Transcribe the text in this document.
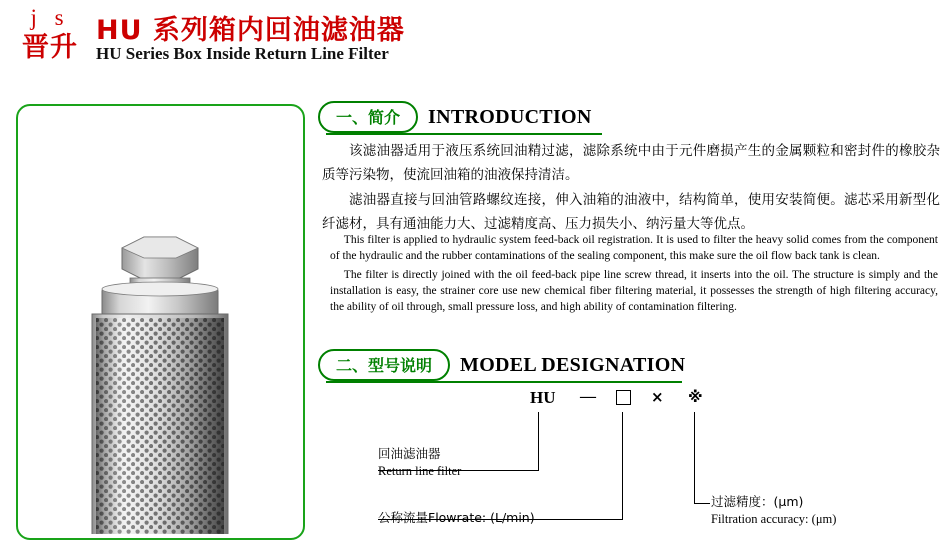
j s
晋升
HU 系列箱内回油滤油器
HU Series Box Inside Return Line Filter
一、简介 INTRODUCTION

该滤油器适用于液压系统回油精过滤，滤除系统中由于元件磨损产生的金属颗粒和密封件的橡胶杂质等污染物，使流回油箱的油液保持清洁。

滤油器直接与回油管路螺纹连接，伸入油箱的油液中，结构简单，使用安装简便。滤芯采用新型化纤滤材，具有通油能力大、过滤精度高、压力损失小、纳污量大等优点。

This filter is applied to hydraulic system feed-back oil registration. It is used to filter the heavy solid comes from the component of the hydraulic and the rubber contaminations of the sealing component, this make sure the oil flow back tank is clean.

The filter is directly joined with the oil feed-back pipe line screw thread, it inserts into the oil. The structure is simply and the installation is easy, the strainer core use new chemical fiber filtering material, it possesses the strength of high filtering accuracy, the ability of oil through, small pressure loss, and high ability of contamination filtering.

二、型号说明 MODEL DESIGNATION
HU —	× ※
回油滤油器
Return line filter
公称流量Flowrate: (L/min)
过滤精度：(μm)
Filtration accuracy: (μm)
